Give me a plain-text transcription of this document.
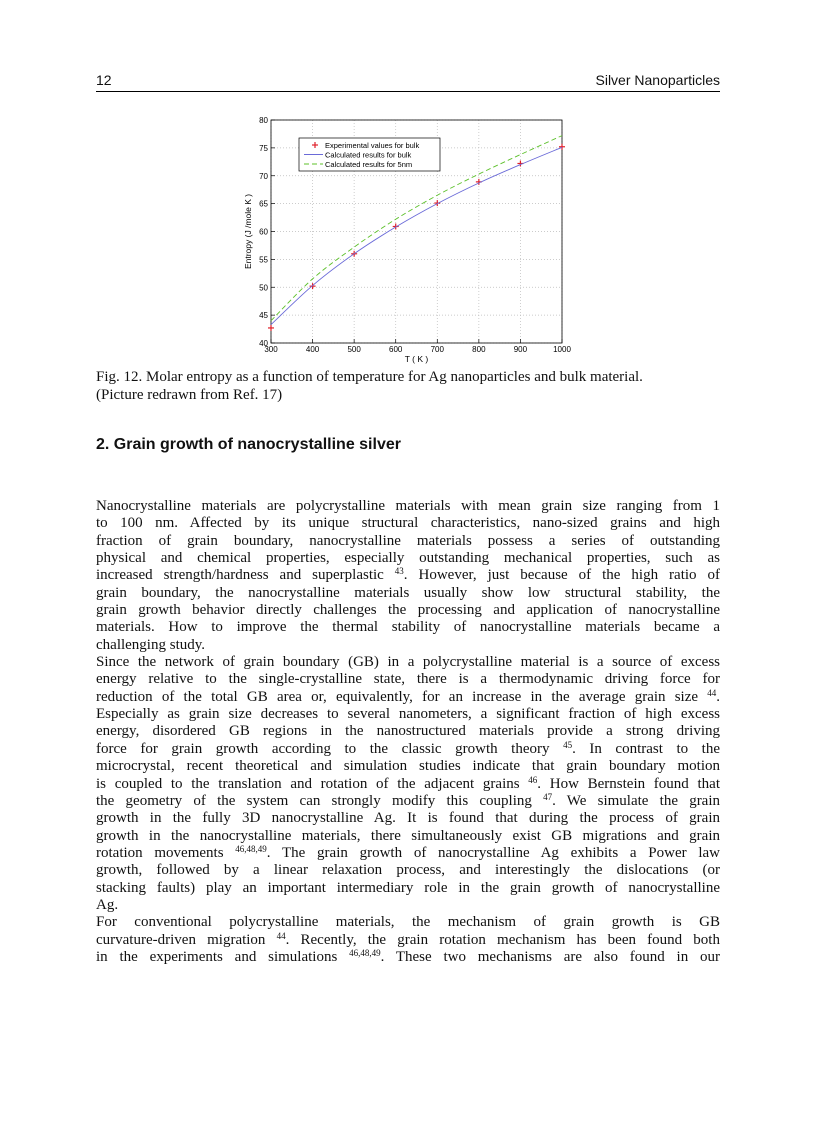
12	Silver Nanoparticles
300	400	500	600	700	800	900	1000
40
45
50
55
60
65
70
75
80
T ( K )
Entropy (J /mole K )
Experimental values for bulk
Calculated results for bulk
Calculated results for 5nm
Fig. 12. Molar entropy as a function of temperature for Ag nanoparticles and bulk material.
(Picture redrawn from Ref. 17)
2. Grain growth of nanocrystalline silver
Nanocrystalline materials are polycrystalline materials with mean grain size ranging from 1
to 100 nm. Affected by its unique structural characteristics, nano-sized grains and high
fraction of grain boundary, nanocrystalline materials possess a series of outstanding
physical and chemical properties, especially outstanding mechanical properties, such as
increased strength/hardness and superplastic $^{43}$. However, just because of the high ratio of
grain boundary, the nanocrystalline materials usually show low structural stability, the
grain growth behavior directly challenges the processing and application of nanocrystalline
materials. How to improve the thermal stability of nanocrystalline materials became a
challenging study.
Since the network of grain boundary (GB) in a polycrystalline material is a source of excess
energy relative to the single-crystalline state, there is a thermodynamic driving force for
reduction of the total GB area or, equivalently, for an increase in the average grain size $^{44}$.
Especially as grain size decreases to several nanometers, a significant fraction of high excess
energy, disordered GB regions in the nanostructured materials provide a strong driving
force for grain growth according to the classic growth theory $^{45}$. In contrast to the
microcrystal, recent theoretical and simulation studies indicate that grain boundary motion
is coupled to the translation and rotation of the adjacent grains $^{46}$. How Bernstein found that
the geometry of the system can strongly modify this coupling $^{47}$. We simulate the grain
growth in the fully 3D nanocrystalline Ag. It is found that during the process of grain
growth in the nanocrystalline materials, there simultaneously exist GB migrations and grain
rotation movements $^{46,48,49}$. The grain growth of nanocrystalline Ag exhibits a Power law
growth, followed by a linear relaxation process, and interestingly the dislocations (or
stacking faults) play an important intermediary role in the grain growth of nanocrystalline
Ag.
For conventional polycrystalline materials, the mechanism of grain growth is GB
curvature-driven migration $^{44}$. Recently, the grain rotation mechanism has been found both
in the experiments and simulations $^{46,48,49}$. These two mechanisms are also found in our
